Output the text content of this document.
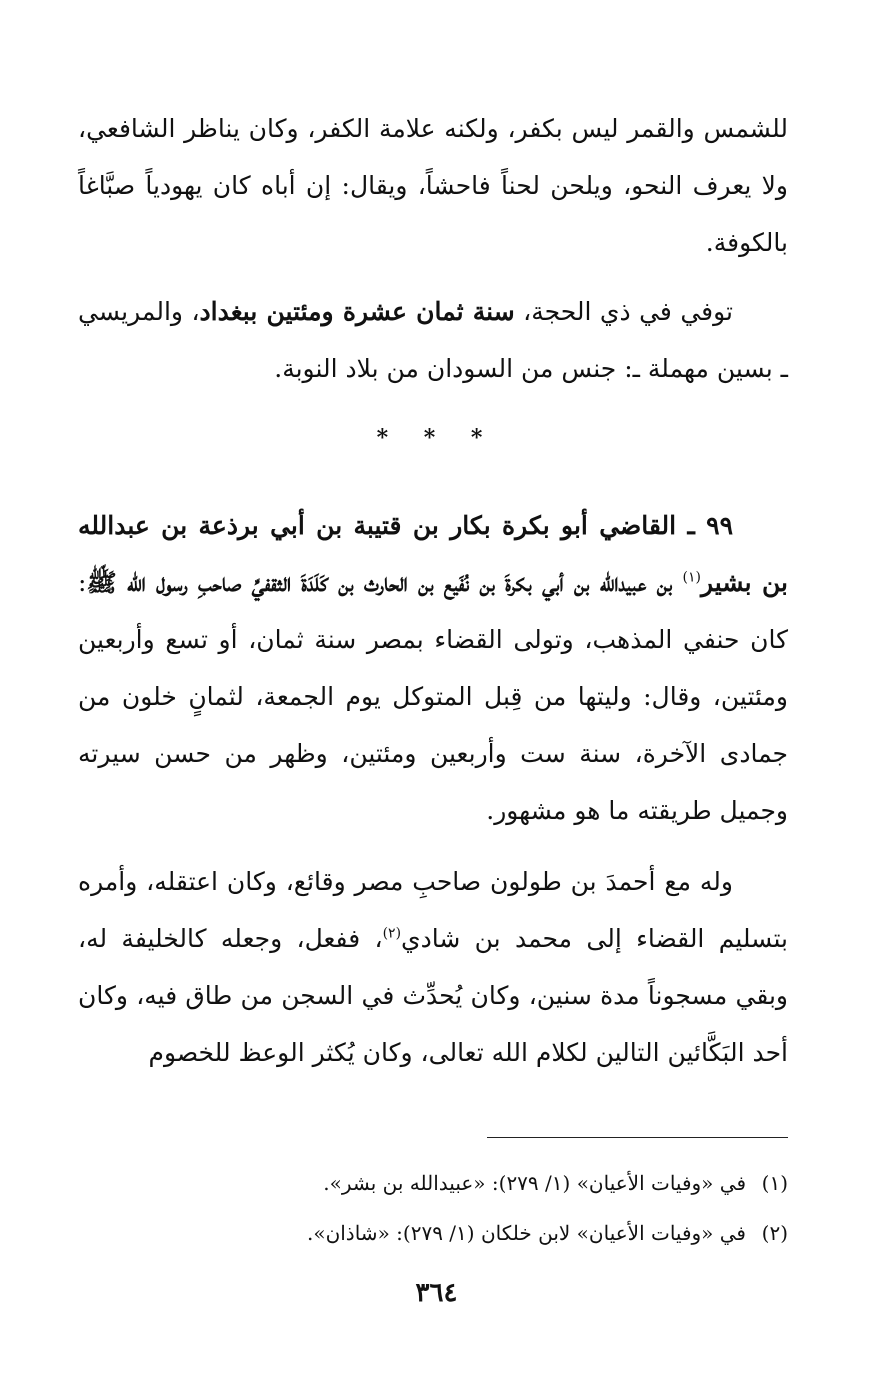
للشمس والقمر ليس بكفر، ولكنه علامة الكفر، وكان يناظر الشافعي، ولا يعرف النحو، ويلحن لحناً فاحشاً، ويقال: إن أباه كان يهودياً صبَّاغاً بالكوفة.

توفي في ذي الحجة، سنة ثمان عشرة ومئتين ببغداد، والمريسي ـ بسين مهملة ـ: جنس من السودان من بلاد النوبة.

* * *

٩٩ ـ القاضي أبو بكرة بكار بن قتيبة بن أبي برذعة بن عبدالله بن بشير$^{(١)}$ بن عبيدالله بن أبي بكرةَ بن نُفَيع بن الحارث بن كَلَدَةَ الثقفيِّ صاحبِ رسول الله ﷺ: كان حنفي المذهب، وتولى القضاء بمصر سنة ثمان، أو تسع وأربعين ومئتين، وقال: وليتها من قِبل المتوكل يوم الجمعة، لثمانٍ خلون من جمادى الآخرة، سنة ست وأربعين ومئتين، وظهر من حسن سيرته وجميل طريقته ما هو مشهور.

وله مع أحمدَ بن طولون صاحبِ مصر وقائع، وكان اعتقله، وأمره بتسليم القضاء إلى محمد بن شادي$^{(٢)}$، ففعل، وجعله كالخليفة له، وبقي مسجوناً مدة سنين، وكان يُحدِّث في السجن من طاق فيه، وكان أحد البَكَّائين التالين لكلام الله تعالى، وكان يُكثر الوعظ للخصوم

(١)في «وفيات الأعيان» (١/ ٢٧٩): «عبيدالله بن بشر».
(٢)في «وفيات الأعيان» لابن خلكان (١/ ٢٧٩): «شاذان».
٣٦٤
